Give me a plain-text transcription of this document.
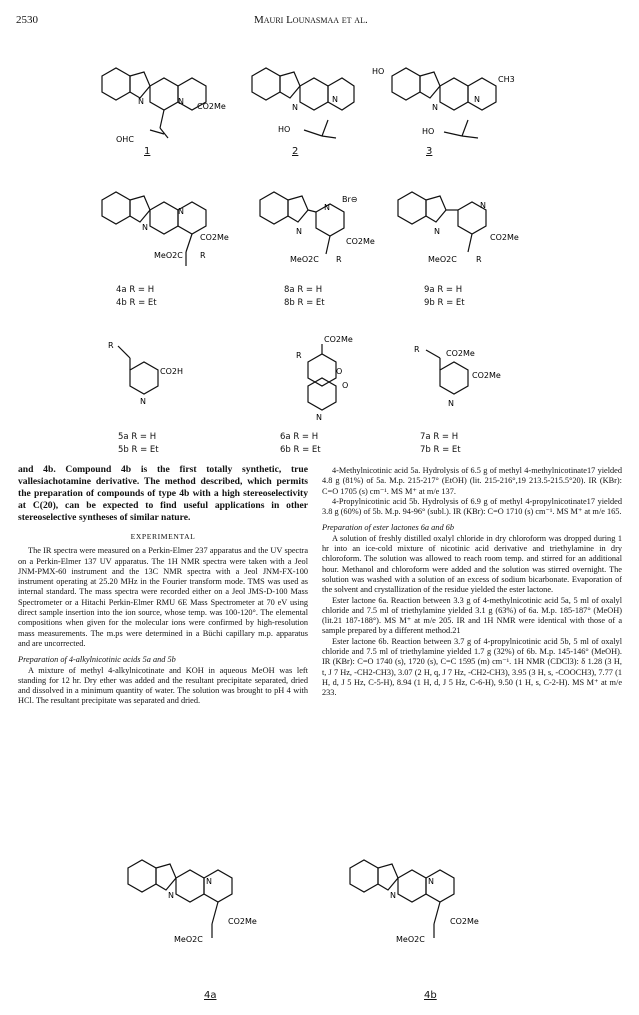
2530	Mauri Lounasmaa et al.
N	N
CO2Me
OHC
1
N
N
HO
2
HO
N
N
CH3
HO
3
N
N
CO2Me
MeO2C R
4a R = H
4b R = Et
N
N
Br⊖
CO2Me
MeO2C R
8a R = H
8b R = Et
N
N
CO2Me
MeO2C R
9a R = H
9b R = Et
R
CO2H
N
5a R = H
5b R = Et
CO2Me
R
O
O
N
6a R = H
6b R = Et
R	CO2Me
CO2Me
N
7a R = H
7b R = Et

and 4b. Compound 4b is the first totally synthetic, true vallesiachotamine derivative. The method described, which permits the preparation of compounds of type 4b with a high stereoselectivity at C(20), can be expected to find useful applications in other stereoselective syntheses of similar nature.

EXPERIMENTAL

The IR spectra were measured on a Perkin-Elmer 237 apparatus and the UV spectra on a Perkin-Elmer 137 UV apparatus. The 1H NMR spectra were taken with a Jeol JNM-PMX-60 instrument and the 13C NMR spectra with a Jeol JNM-FX-100 instrument operating at 25.20 MHz in the Fourier transform mode. TMS was used as internal standard. The mass spectra were recorded either on a Jeol JMS-D-100 Mass Spectrometer or a Hitachi Perkin-Elmer RMU 6E Mass Spectrometer at 70 eV using direct sample insertion into the ion source, whose temp. was 100-120°. The elemental compositions when given for the molecular ions were confirmed by high-resolution mass measurements. The m.ps were determined in a Büchi capillary m.p. apparatus and are uncorrected.

Preparation of 4-alkylnicotinic acids 5a and 5b

A mixture of methyl 4-alkylnicotinate and KOH in aqueous MeOH was left standing for 12 hr. Dry ether was added and the resultant precipitate separated, dried and dissolved in a minimum quantity of water. The solution was brought to pH 4 with HCl. The resultant precipitate was separated and dried.

4-Methylnicotinic acid 5a. Hydrolysis of 6.5 g of methyl 4-methylnicotinate17 yielded 4.8 g (81%) of 5a. M.p. 215-217° (EtOH) (lit. 215-216°,19 213.5-215.5°20). IR (KBr): C=O 1705 (s) cm⁻¹. MS M⁺ at m/e 137.

4-Propylnicotinic acid 5b. Hydrolysis of 6.9 g of methyl 4-propylnicotinate17 yielded 3.8 g (60%) of 5b. M.p. 94-96° (subl.). IR (KBr): C=O 1710 (s) cm⁻¹. MS M⁺ at m/e 165.

Preparation of ester lactones 6a and 6b

A solution of freshly distilled oxalyl chloride in dry chloroform was dropped during 1 hr into an ice-cold mixture of nicotinic acid derivative and triethylamine in dry chloroform. The solution was allowed to reach room temp. and stirred for an additional hour. Methanol and chloroform were added and the solution was stirred overnight. The solution was washed with a solution of an excess of sodium bicarbonate. Evaporation of the solvent and crystallization of the residue yielded the ester lactone.

Ester lactone 6a. Reaction between 3.3 g of 4-methylnicotinic acid 5a, 5 ml of oxalyl chloride and 7.5 ml of triethylamine yielded 3.1 g (63%) of 6a. M.p. 185-187° (MeOH) (lit.21 187-188°). MS M⁺ at m/e 205. IR and 1H NMR were identical with those of a sample prepared by a different method.21

Ester lactone 6b. Reaction between 3.7 g of 4-propylnicotinic acid 5b, 5 ml of oxalyl chloride and 7.5 ml of triethylamine yielded 1.7 g (32%) of 6b. M.p. 145-146° (MeOH). IR (KBr): C=O 1740 (s), 1720 (s), C=C 1595 (m) cm⁻¹. 1H NMR (CDCl3): δ 1.28 (3 H, t, J 7 Hz, -CH2-CH3), 3.07 (2 H, q, J 7 Hz, -CH2-CH3), 3.95 (3 H, s, -COOCH3), 7.77 (1 H, d, J 5 Hz, C-5-H), 8.94 (1 H, d, J 5 Hz, C-6-H), 9.50 (1 H, s, C-2-H). MS M⁺ at m/e 233.

N
N
CO2Me
MeO2C
4a
N
N
CO2Me
MeO2C
4b
